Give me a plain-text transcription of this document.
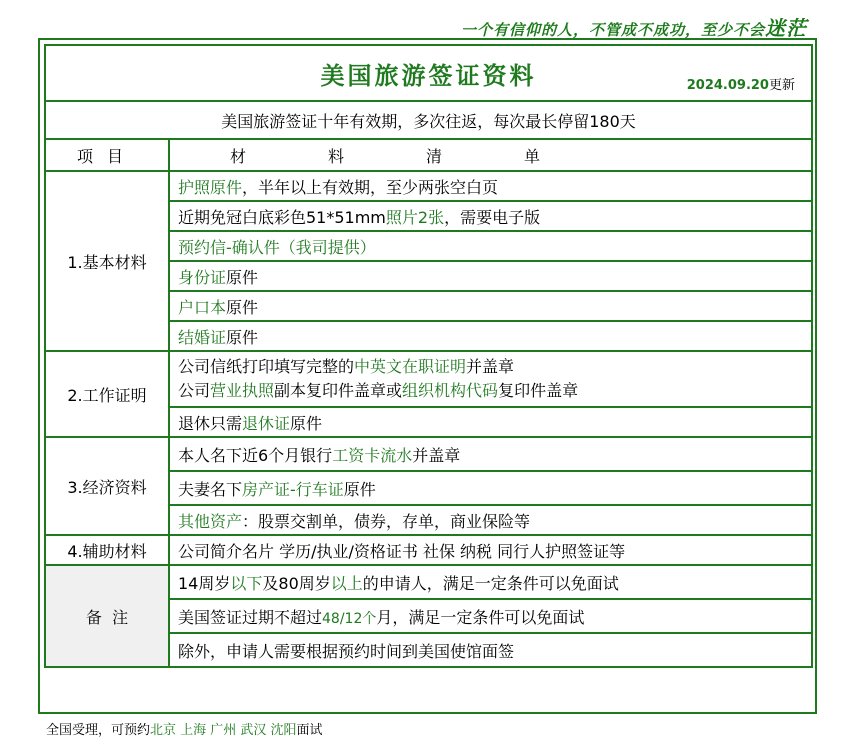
一个有信仰的人，不管成不成功，至少不会迷茫
美国旅游签证资料 2024.09.20更新	

美国旅游签证十年有效期，多次往返，每次最长停留180天	
项目	材料清单
1.基本材料	护照原件，半年以上有效期，至少两张空白页
	近期免冠白底彩色51*51mm照片2张，需要电子版
	预约信-确认件（我司提供）
	身份证原件
	户口本原件
	结婚证原件
2.工作证明	公司信纸打印填写完整的中英文在职证明并盖章
公司营业执照副本复印件盖章或组织机构代码复印件盖章

	退休只需退休证原件
3.经济资料	本人名下近6个月银行工资卡流水并盖章
	夫妻名下房产证-行车证原件
	其他资产：股票交割单，债券，存单，商业保险等
4.辅助材料	公司简介名片 学历/执业/资格证书 社保 纳税 同行人护照签证等
备  注	14周岁以下及80周岁以上的申请人，满足一定条件可以免面试
	美国签证过期不超过48/12个月，满足一定条件可以免面试
	除外，申请人需要根据预约时间到美国使馆面签
全国受理，可预约北京 上海 广州 武汉 沈阳面试
